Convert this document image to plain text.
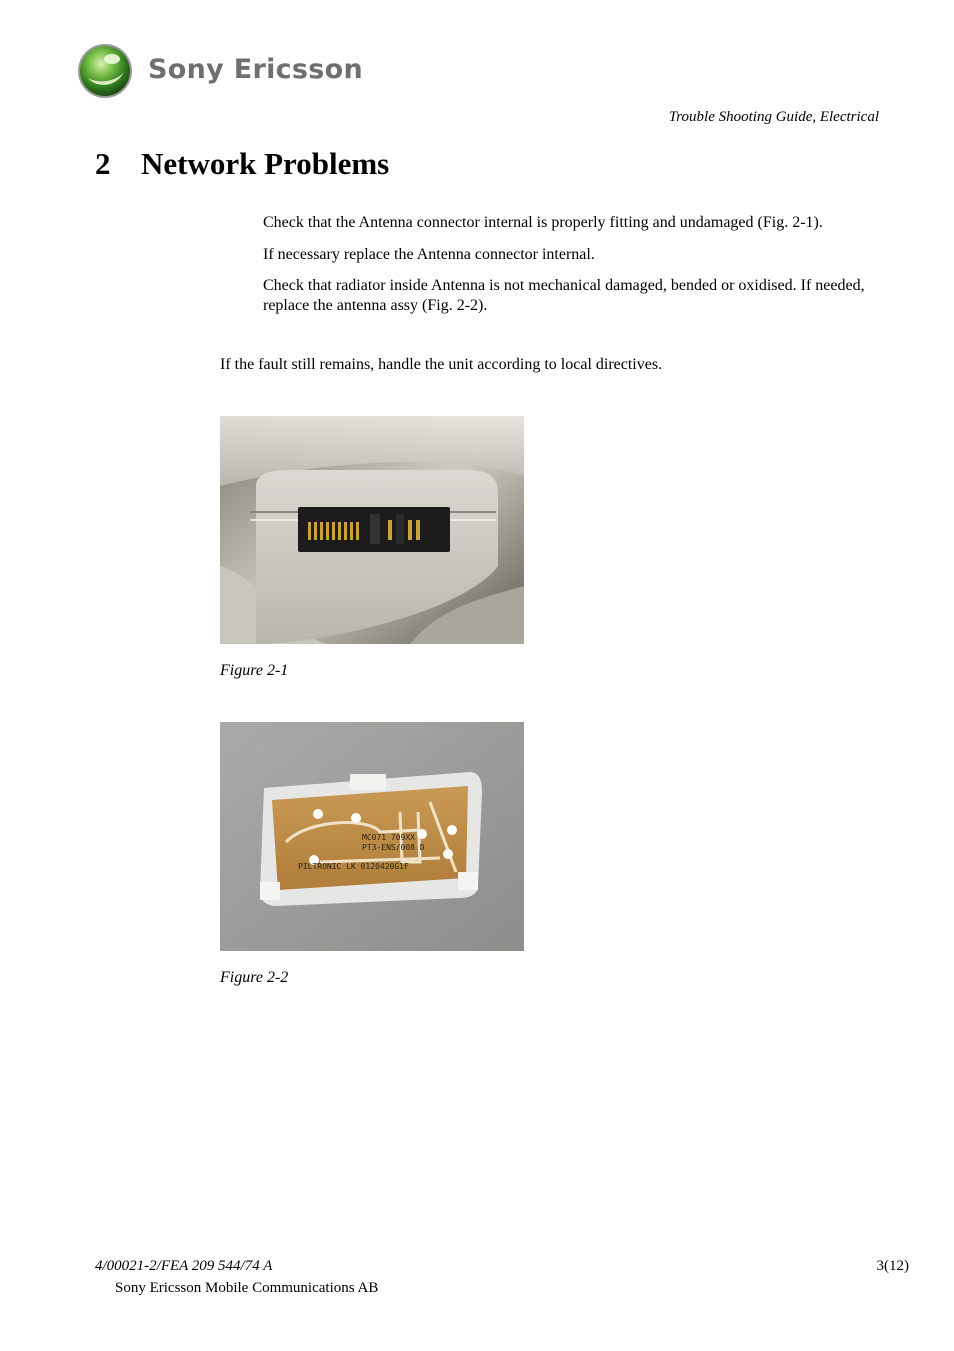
Sony Ericsson
Trouble Shooting Guide, Electrical
2 Network Problems
Check that the Antenna connector internal is properly fitting and undamaged (Fig. 2-1).
If necessary replace the Antenna connector internal.
Check that radiator inside Antenna is not mechanical damaged, bended or oxidised. If needed, replace the antenna assy (Fig. 2-2).
If the fault still remains, handle the unit according to local directives.
Figure 2-1
MC071 709XX
PT3-ENS/008 D
PILTRONIC LK 0120420G1F
Figure 2-2
4/00021-2/FEA 209 544/74 A	3(12)
Sony Ericsson Mobile Communications AB
